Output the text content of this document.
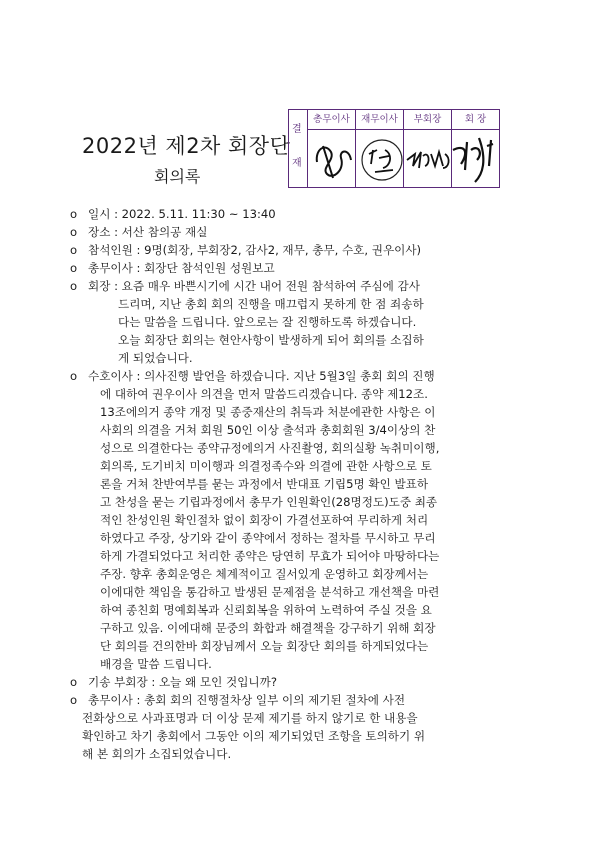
2022년 제2차 회장단
회의록
결
재
총무이사	재무이사	부회장	회 장
o 일시 : 2022. 5.11. 11:30 ~ 13:40
o 장소 : 서산 참의공 재실
o 참석인원 : 9명(회장, 부회장2, 감사2, 재무, 총무, 수호, 권우이사)
o 총무이사 : 회장단 참석인원 성원보고
o 회장 : 요즘 매우 바쁜시기에 시간 내어 전원 참석하여 주심에 감사
드리며, 지난 총회 회의 진행을 매끄럽지 못하게 한 점 죄송하
다는 말씀을 드립니다. 앞으로는 잘 진행하도록 하겠습니다.
오늘 회장단 회의는 현안사항이 발생하게 되어 회의를 소집하
게 되었습니다.
o 수호이사 : 의사진행 발언을 하겠습니다. 지난 5월3일 총회 회의 진행
에 대하여 권우이사 의견을 먼저 말씀드리겠습니다. 종약 제12조.
13조에의거 종약 개정 및 종중재산의 취득과 처분에관한 사항은 이
사회의 의결을 거쳐 회원 50인 이상 출석과 총회회원 3/4이상의 찬
성으로 의결한다는 종약규정에의거 사진촬영, 회의실황 녹취미이행,
회의록, 도기비치 미이행과 의결정족수와 의결에 관한 사항으로 토
론을 거쳐 찬반여부를 묻는 과정에서 반대표 기립5명 확인 발표하
고 찬성을 묻는 기립과정에서 총무가 인원확인(28명정도)도중 최종
적인 찬성인원 확인절차 없이 회장이 가결선포하여 무리하게 처리
하였다고 주장, 상기와 같이 종약에서 정하는 절차를 무시하고 무리
하게 가결되었다고 처리한 종약은 당연히 무효가 되어야 마땅하다는
주장. 향후 총회운영은 체계적이고 질서있게 운영하고 회장께서는
이에대한 책임을 통감하고 발생된 문제점을 분석하고 개선책을 마련
하여 종친회 명예회복과 신뢰회복을 위하여 노력하여 주실 것을 요
구하고 있음. 이에대해 문중의 화합과 해결책을 강구하기 위해 회장
단 회의를 건의한바 회장님께서 오늘 회장단 회의를 하게되었다는
배경을 말씀 드립니다.
o 기송 부회장 : 오늘 왜 모인 것입니까?
o 총무이사 : 총회 회의 진행절차상 일부 이의 제기된 절차에 사전
전화상으로 사과표명과 더 이상 문제 제기를 하지 않기로 한 내용을
확인하고 차기 총회에서 그동안 이의 제기되었던 조항을 토의하기 위
해 본 회의가 소집되었습니다.
